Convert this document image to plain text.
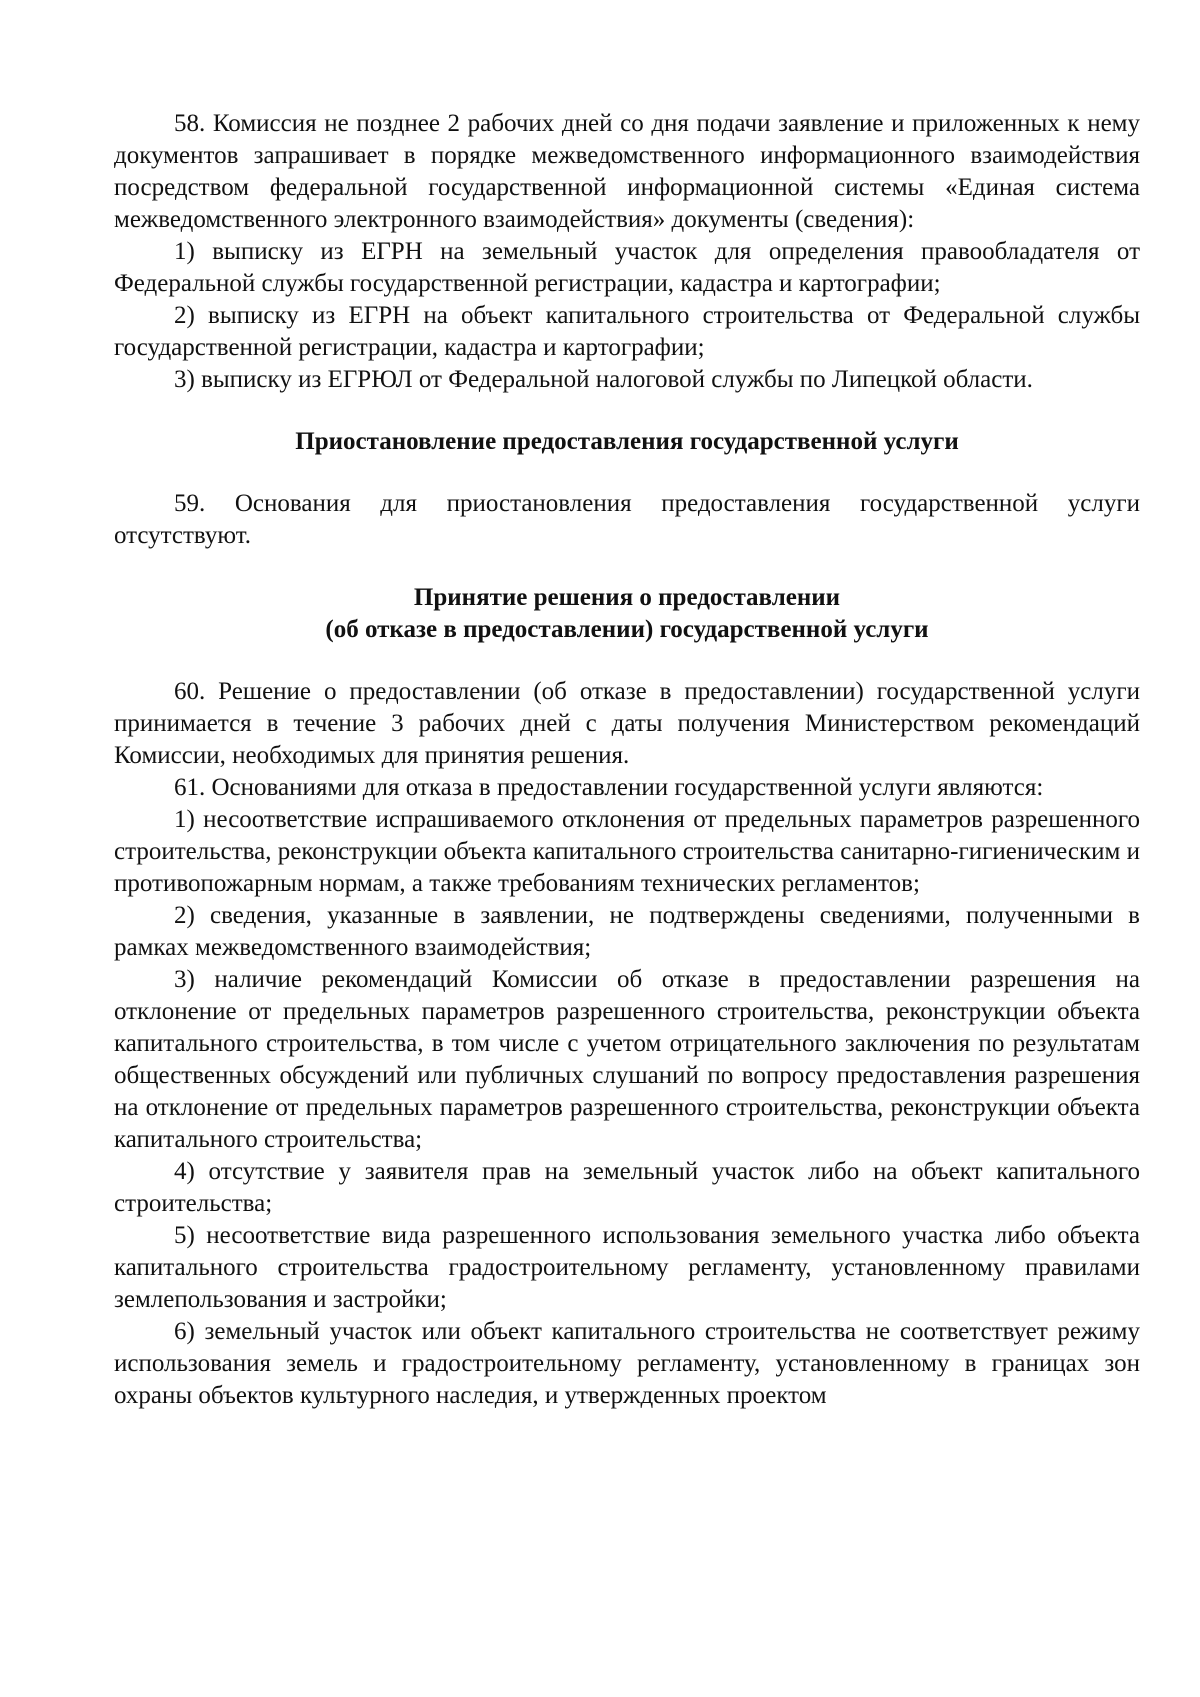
58. Комиссия не позднее 2 рабочих дней со дня подачи заявление и приложенных к нему документов запрашивает в порядке межведомственного информационного взаимодействия посредством федеральной государственной информационной системы «Единая система межведомственного электронного взаимодействия» документы (сведения):

1) выписку из ЕГРН на земельный участок для определения правообладателя от Федеральной службы государственной регистрации, кадастра и картографии;

2) выписку из ЕГРН на объект капитального строительства от Федеральной службы государственной регистрации, кадастра и картографии;

3) выписку из ЕГРЮЛ от Федеральной налоговой службы по Липецкой области.

Приостановление предоставления государственной услуги

59. Основания для приостановления предоставления государственной услуги отсутствуют.

Принятие решения о предоставлении
(об отказе в предоставлении) государственной услуги

60. Решение о предоставлении (об отказе в предоставлении) государственной услуги принимается в течение 3 рабочих дней с даты получения Министерством рекомендаций Комиссии, необходимых для принятия решения.

61. Основаниями для отказа в предоставлении государственной услуги являются:

1) несоответствие испрашиваемого отклонения от предельных параметров разрешенного строительства, реконструкции объекта капитального строительства санитарно-гигиеническим и противопожарным нормам, а также требованиям технических регламентов;

2) сведения, указанные в заявлении, не подтверждены сведениями, полученными в рамках межведомственного взаимодействия;

3) наличие рекомендаций Комиссии об отказе в предоставлении разрешения на отклонение от предельных параметров разрешенного строительства, реконструкции объекта капитального строительства, в том числе с учетом отрицательного заключения по результатам общественных обсуждений или публичных слушаний по вопросу предоставления разрешения на отклонение от предельных параметров разрешенного строительства, реконструкции объекта капитального строительства;

4) отсутствие у заявителя прав на земельный участок либо на объект капитального строительства;

5) несоответствие вида разрешенного использования земельного участка либо объекта капитального строительства градостроительному регламенту, установленному правилами землепользования и застройки;

6) земельный участок или объект капитального строительства не соответствует режиму использования земель и градостроительному регламенту, установленному в границах зон охраны объектов культурного наследия, и утвержденных проектом
